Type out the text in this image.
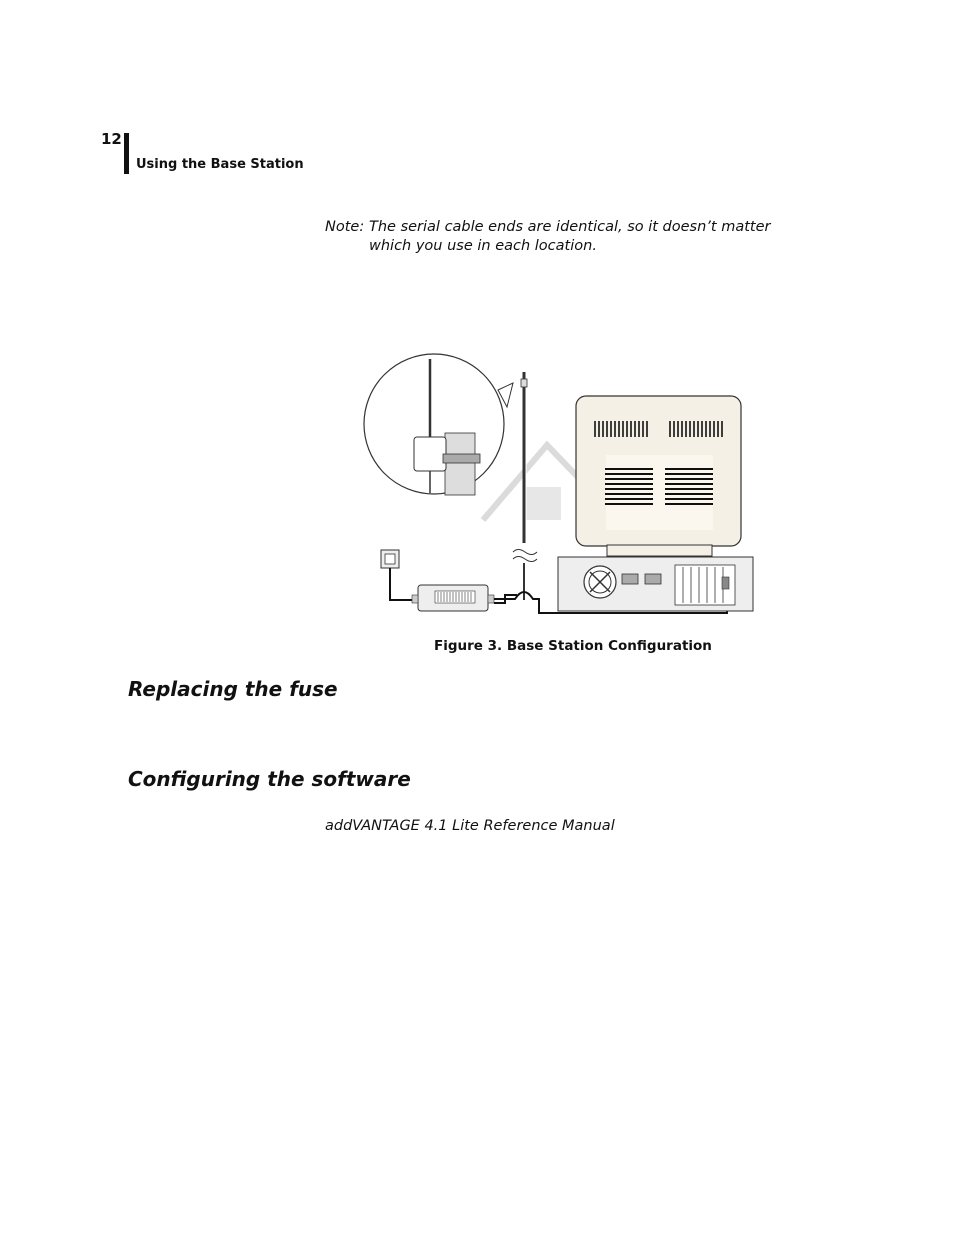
12
Using the Base Station
Note: The serial cable ends are identical, so it doesn’t matter which you use in each location.
Figure 3. Base Station Configuration
Replacing the fuse
Configuring the software
addVANTAGE 4.1 Lite Reference Manual
